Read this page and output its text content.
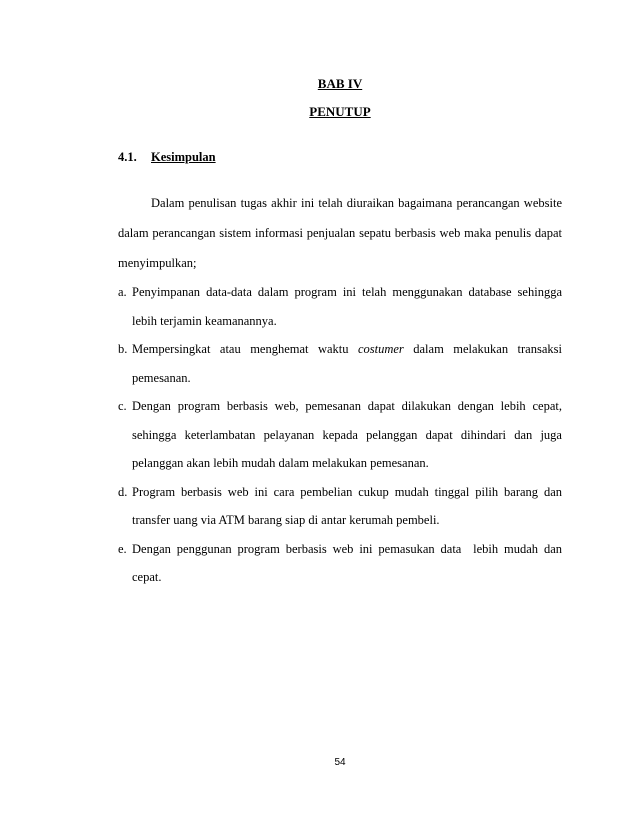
BAB IV
PENUTUP
4.1. Kesimpulan

Dalam penulisan tugas akhir ini telah diuraikan bagaimana perancangan website dalam perancangan sistem informasi penjualan sepatu berbasis web maka penulis dapat menyimpulkan;

a. Penyimpanan data-data dalam program ini telah menggunakan database sehingga lebih terjamin keamanannya.
b. Mempersingkat atau menghemat waktu costumer dalam melakukan transaksi pemesanan.
c. Dengan program berbasis web, pemesanan dapat dilakukan dengan lebih cepat, sehingga keterlambatan pelayanan kepada pelanggan dapat dihindari dan juga pelanggan akan lebih mudah dalam melakukan pemesanan.
d. Program berbasis web ini cara pembelian cukup mudah tinggal pilih barang dan transfer uang via ATM barang siap di antar kerumah pembeli.
e. Dengan penggunan program berbasis web ini pemasukan data  lebih mudah dan cepat.
54
